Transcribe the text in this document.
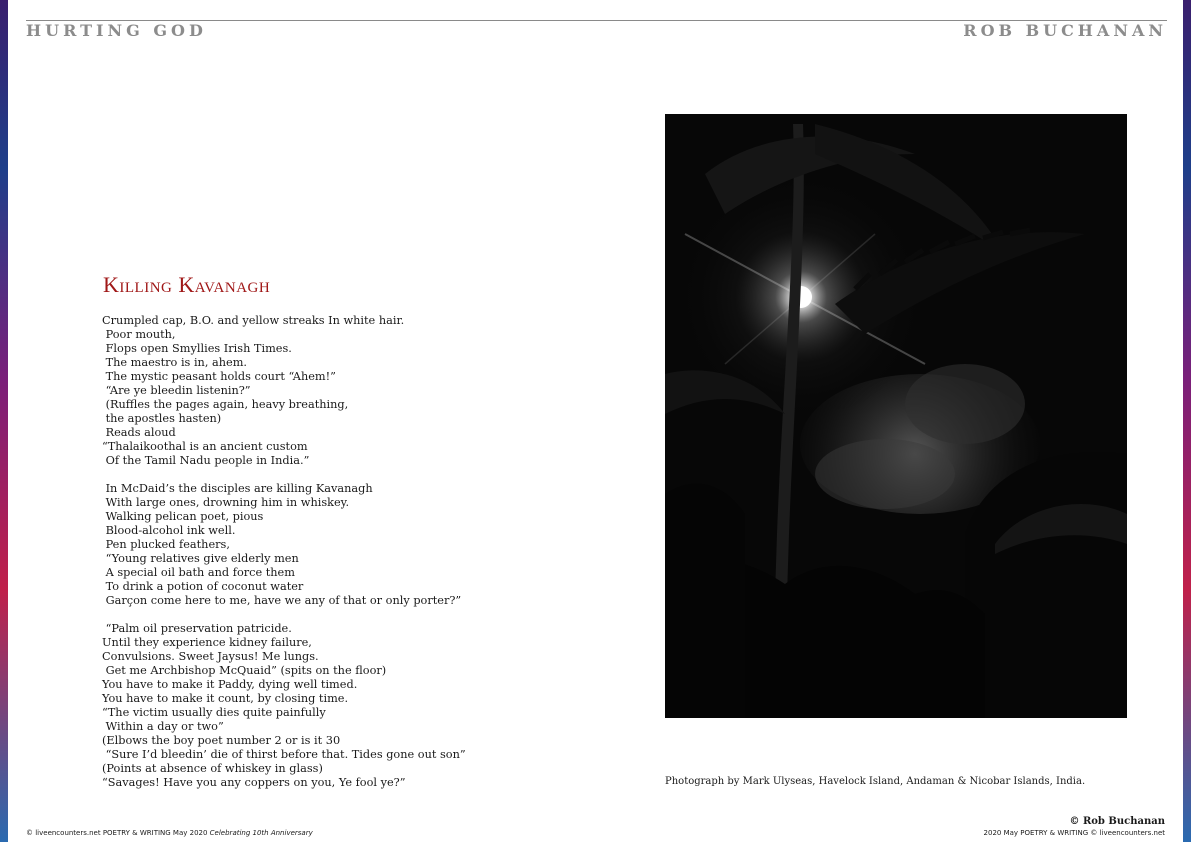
HURTING GOD	ROB BUCHANAN
Killing Kavanagh
Crumpled cap, B.O. and yellow streaks In white hair.
Poor mouth,
Flops open Smyllies Irish Times.
The maestro is in, ahem.
The mystic peasant holds court “Ahem!”
“Are ye bleedin listenin?”
(Ruffles the pages again, heavy breathing,
the apostles hasten)
Reads aloud
“Thalaikoothal is an ancient custom
Of the Tamil Nadu people in India.”
In McDaid’s the disciples are killing Kavanagh
With large ones, drowning him in whiskey.
Walking pelican poet, pious
Blood-alcohol ink well.
Pen plucked feathers,
“Young relatives give elderly men
A special oil bath and force them
To drink a potion of coconut water
Garçon come here to me, have we any of that or only porter?”
“Palm oil preservation patricide.
Until they experience kidney failure,
Convulsions. Sweet Jaysus! Me lungs.
Get me Archbishop McQuaid” (spits on the floor)
You have to make it Paddy, dying well timed.
You have to make it count, by closing time.
“The victim usually dies quite painfully
Within a day or two”
(Elbows the boy poet number 2 or is it 30
“Sure I’d bleedin’ die of thirst before that. Tides gone out son”
(Points at absence of whiskey in glass)
“Savages! Have you any coppers on you, Ye fool ye?”	Photograph by Mark Ulyseas, Havelock Island, Andaman & Nicobar Islands, India.
© Rob Buchanan
© liveencounters.net POETRY & WRITING May 2020 Celebrating 10th Anniversary	2020 May POETRY & WRITING © liveencounters.net
